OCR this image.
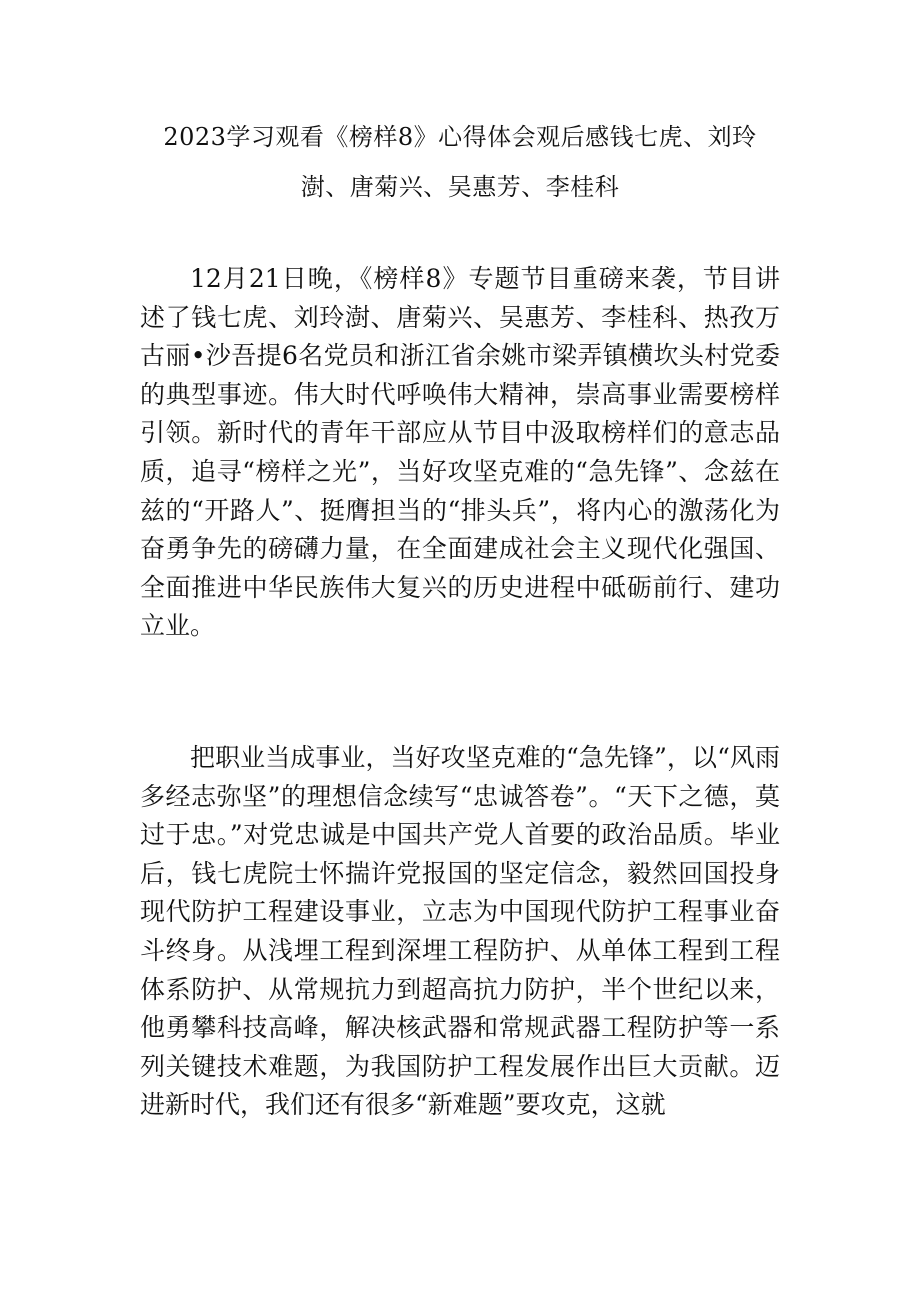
2023学习观看《榜样8》心得体会观后感钱七虎、刘玲
澍、唐菊兴、吴惠芳、李桂科

12月21日晚，《榜样8》专题节目重磅来袭，节目讲述了钱七虎、刘玲澍、唐菊兴、吴惠芳、李桂科、热孜万古丽•沙吾提6名党员和浙江省余姚市梁弄镇横坎头村党委的典型事迹。伟大时代呼唤伟大精神，崇高事业需要榜样引领。新时代的青年干部应从节目中汲取榜样们的意志品质，追寻“榜样之光”，当好攻坚克难的“急先锋”、念兹在兹的“开路人”、挺膺担当的“排头兵”，将内心的激荡化为奋勇争先的磅礴力量，在全面建成社会主义现代化强国、全面推进中华民族伟大复兴的历史进程中砥砺前行、建功立业。

把职业当成事业，当好攻坚克难的“急先锋”，以“风雨多经志弥坚”的理想信念续写“忠诚答卷”。“天下之德，莫过于忠。”对党忠诚是中国共产党人首要的政治品质。毕业后，钱七虎院士怀揣许党报国的坚定信念，毅然回国投身现代防护工程建设事业，立志为中国现代防护工程事业奋斗终身。从浅埋工程到深埋工程防护、从单体工程到工程体系防护、从常规抗力到超高抗力防护，半个世纪以来，他勇攀科技高峰，解决核武器和常规武器工程防护等一系列关键技术难题，为我国防护工程发展作出巨大贡献。迈进新时代，我们还有很多“新难题”要攻克，这就
